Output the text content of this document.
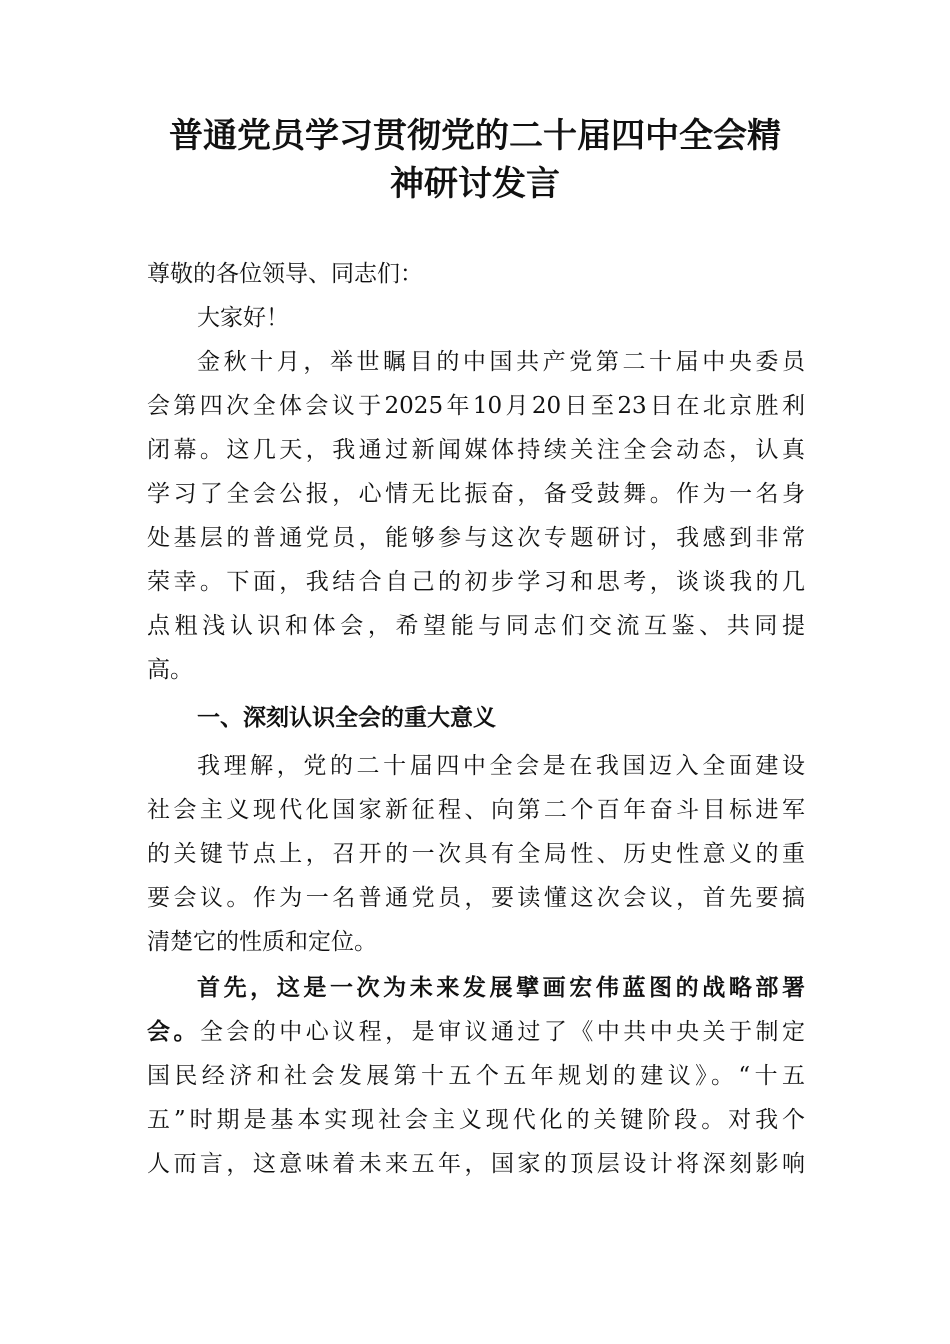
普通党员学习贯彻党的二十届四中全会精
神研讨发言
尊敬的各位领导、同志们：
大家好！
金秋十月，举世瞩目的中国共产党第二十届中央委员
会第四次全体会议于2025年10月20日至23日在北京胜利
闭幕。这几天，我通过新闻媒体持续关注全会动态，认真
学习了全会公报，心情无比振奋，备受鼓舞。作为一名身
处基层的普通党员，能够参与这次专题研讨，我感到非常
荣幸。下面，我结合自己的初步学习和思考，谈谈我的几
点粗浅认识和体会，希望能与同志们交流互鉴、共同提
高。
一、深刻认识全会的重大意义
我理解，党的二十届四中全会是在我国迈入全面建设
社会主义现代化国家新征程、向第二个百年奋斗目标进军
的关键节点上，召开的一次具有全局性、历史性意义的重
要会议。作为一名普通党员，要读懂这次会议，首先要搞
清楚它的性质和定位。
首先，这是一次为未来发展擘画宏伟蓝图的战略部署
会。全会的中心议程，是审议通过了《中共中央关于制定
国民经济和社会发展第十五个五年规划的建议》。“十五
五”时期是基本实现社会主义现代化的关键阶段。对我个
人而言，这意味着未来五年，国家的顶层设计将深刻影响
